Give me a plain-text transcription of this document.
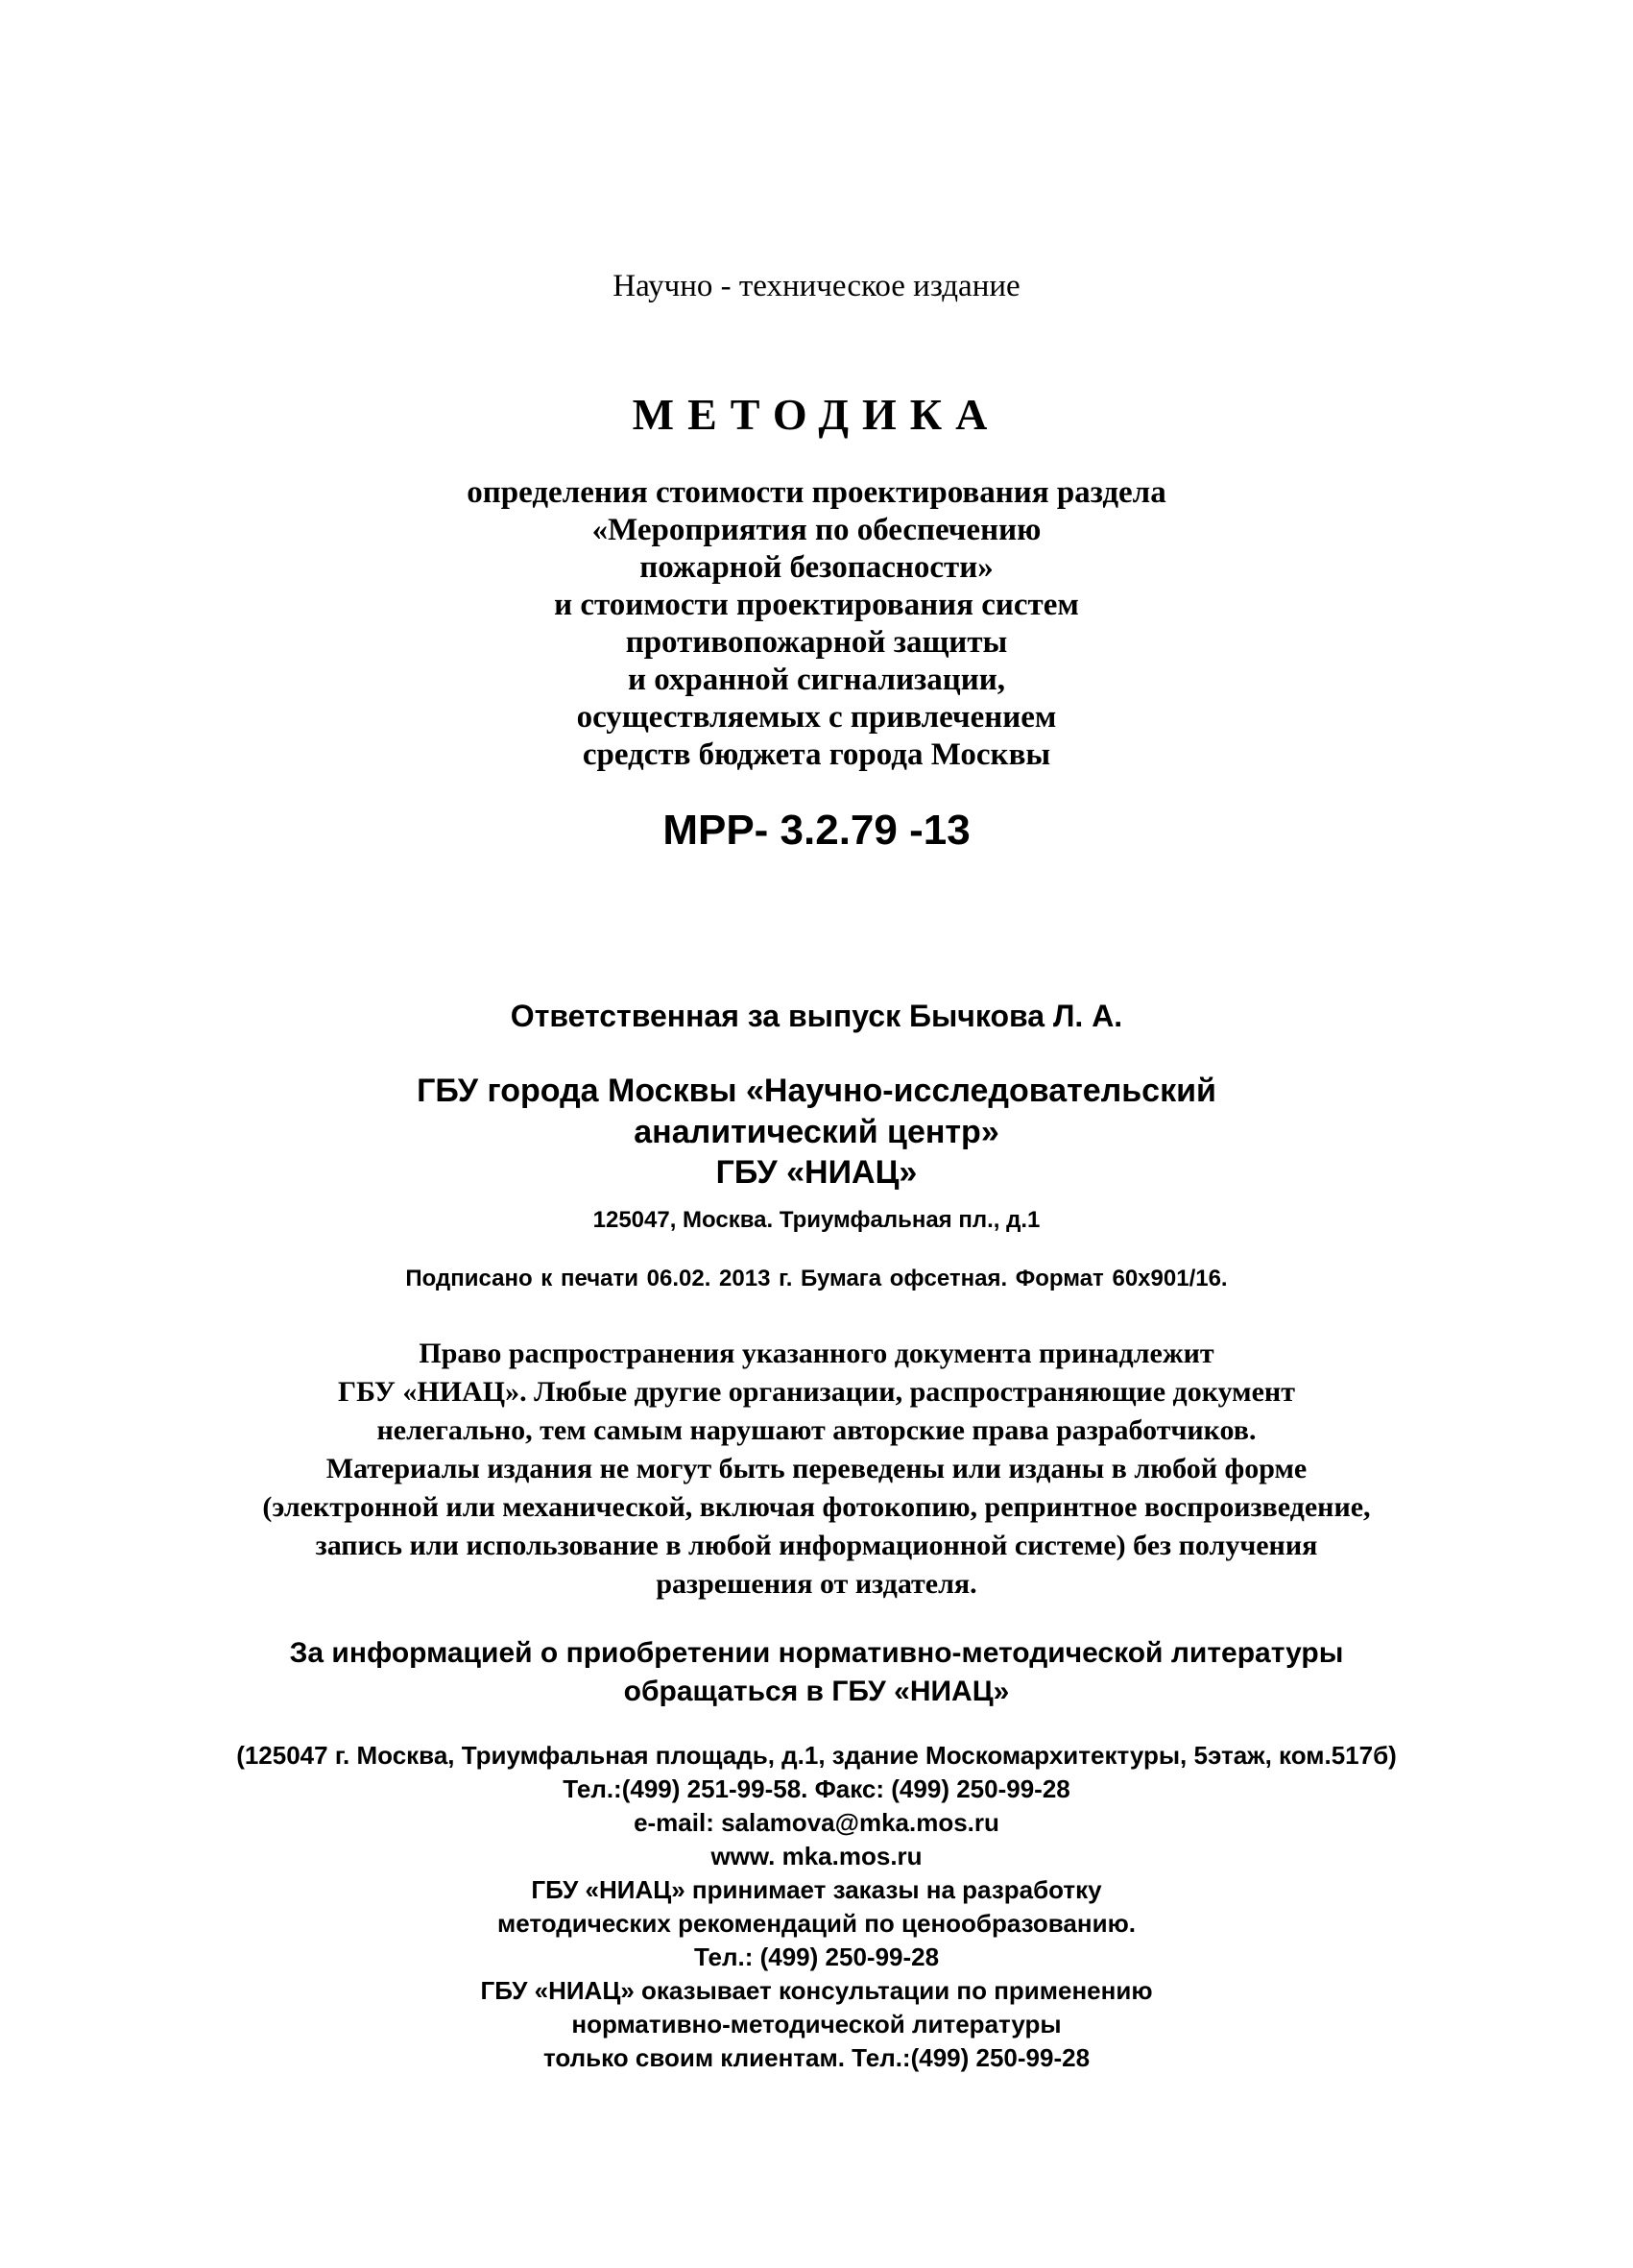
Научно - техническое издание
МЕТОДИКА
определения стоимости проектирования раздела
«Мероприятия по обеспечению
пожарной безопасности»
и стоимости проектирования систем
противопожарной защиты
и охранной сигнализации,
осуществляемых с привлечением
средств бюджета города Москвы
МРР- 3.2.79 -13
Ответственная за выпуск Бычкова Л. А.
ГБУ города Москвы «Научно-исследовательский
аналитический центр»
ГБУ «НИАЦ»
125047, Москва. Триумфальная пл., д.1
Подписано к печати 06.02. 2013 г. Бумага офсетная. Формат 60x901/16.
Право распространения указанного документа принадлежит
ГБУ «НИАЦ». Любые другие организации, распространяющие документ
нелегально, тем самым нарушают авторские права разработчиков.
Материалы издания не могут быть переведены или изданы в любой форме
(электронной или механической, включая фотокопию, репринтное воспроизведение,
запись или использование в любой информационной системе) без получения
разрешения от издателя.
За информацией о приобретении нормативно-методической литературы
обращаться в ГБУ «НИАЦ»
(125047 г. Москва, Триумфальная площадь, д.1, здание Москомархитектуры, 5этаж, ком.517б)
Тел.:(499) 251-99-58. Факс: (499) 250-99-28
e-mail: salamova@mka.mos.ru
www. mka.mos.ru
ГБУ «НИАЦ» принимает заказы на разработку
методических рекомендаций по ценообразованию.
Тел.: (499) 250-99-28
ГБУ «НИАЦ» оказывает консультации по применению
нормативно-методической литературы
только своим клиентам. Тел.:(499) 250-99-28
